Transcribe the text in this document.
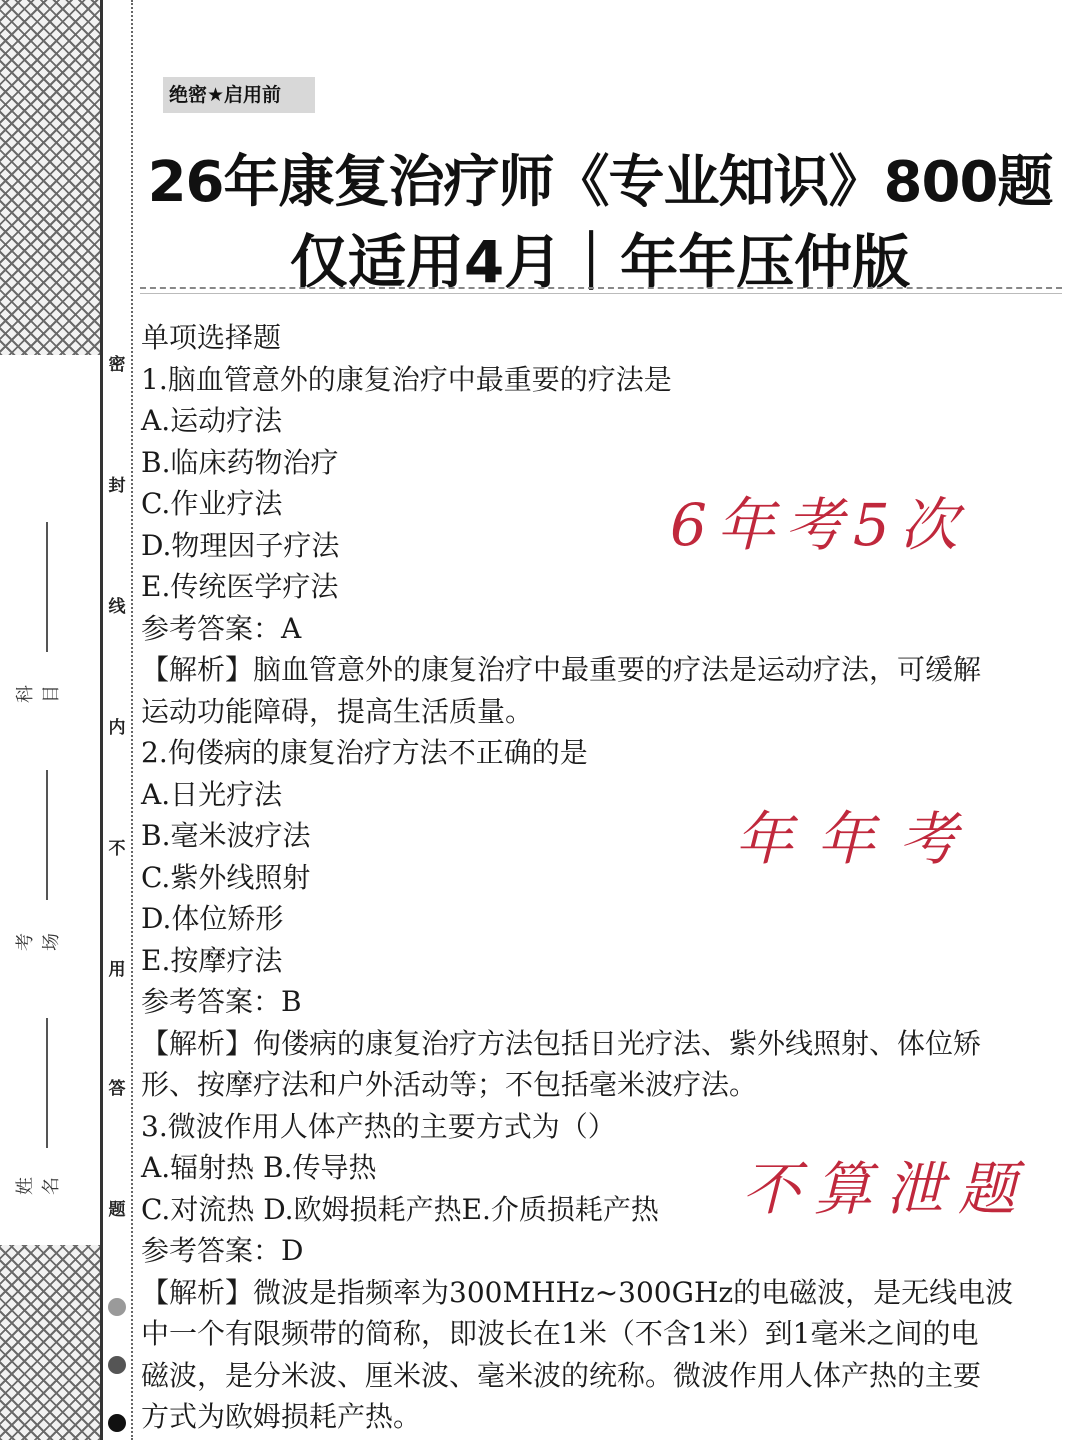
密
封
线
内
不
用
答
题
科目
考场
姓名
绝密★启用前
26年康复治疗师《专业知识》800题
仅适用4月｜年年压仲版
单项选择题
1.脑血管意外的康复治疗中最重要的疗法是
A.运动疗法
B.临床药物治疗
C.作业疗法
D.物理因子疗法
E.传统医学疗法
参考答案：A
【解析】脑血管意外的康复治疗中最重要的疗法是运动疗法，可缓解
运动功能障碍，提高生活质量。
2.佝偻病的康复治疗方法不正确的是
A.日光疗法
B.毫米波疗法
C.紫外线照射
D.体位矫形
E.按摩疗法
参考答案：B
【解析】佝偻病的康复治疗方法包括日光疗法、紫外线照射、体位矫
形、按摩疗法和户外活动等；不包括毫米波疗法。
3.微波作用人体产热的主要方式为（）
A.辐射热 B.传导热
C.对流热 D.欧姆损耗产热E.介质损耗产热
参考答案：D
【解析】微波是指频率为300MHHz~300GHz的电磁波，是无线电波
中一个有限频带的简称，即波长在1米（不含1米）到1毫米之间的电
磁波，是分米波、厘米波、毫米波的统称。微波作用人体产热的主要
方式为欧姆损耗产热。
6年考5次
年年考
不算泄题
